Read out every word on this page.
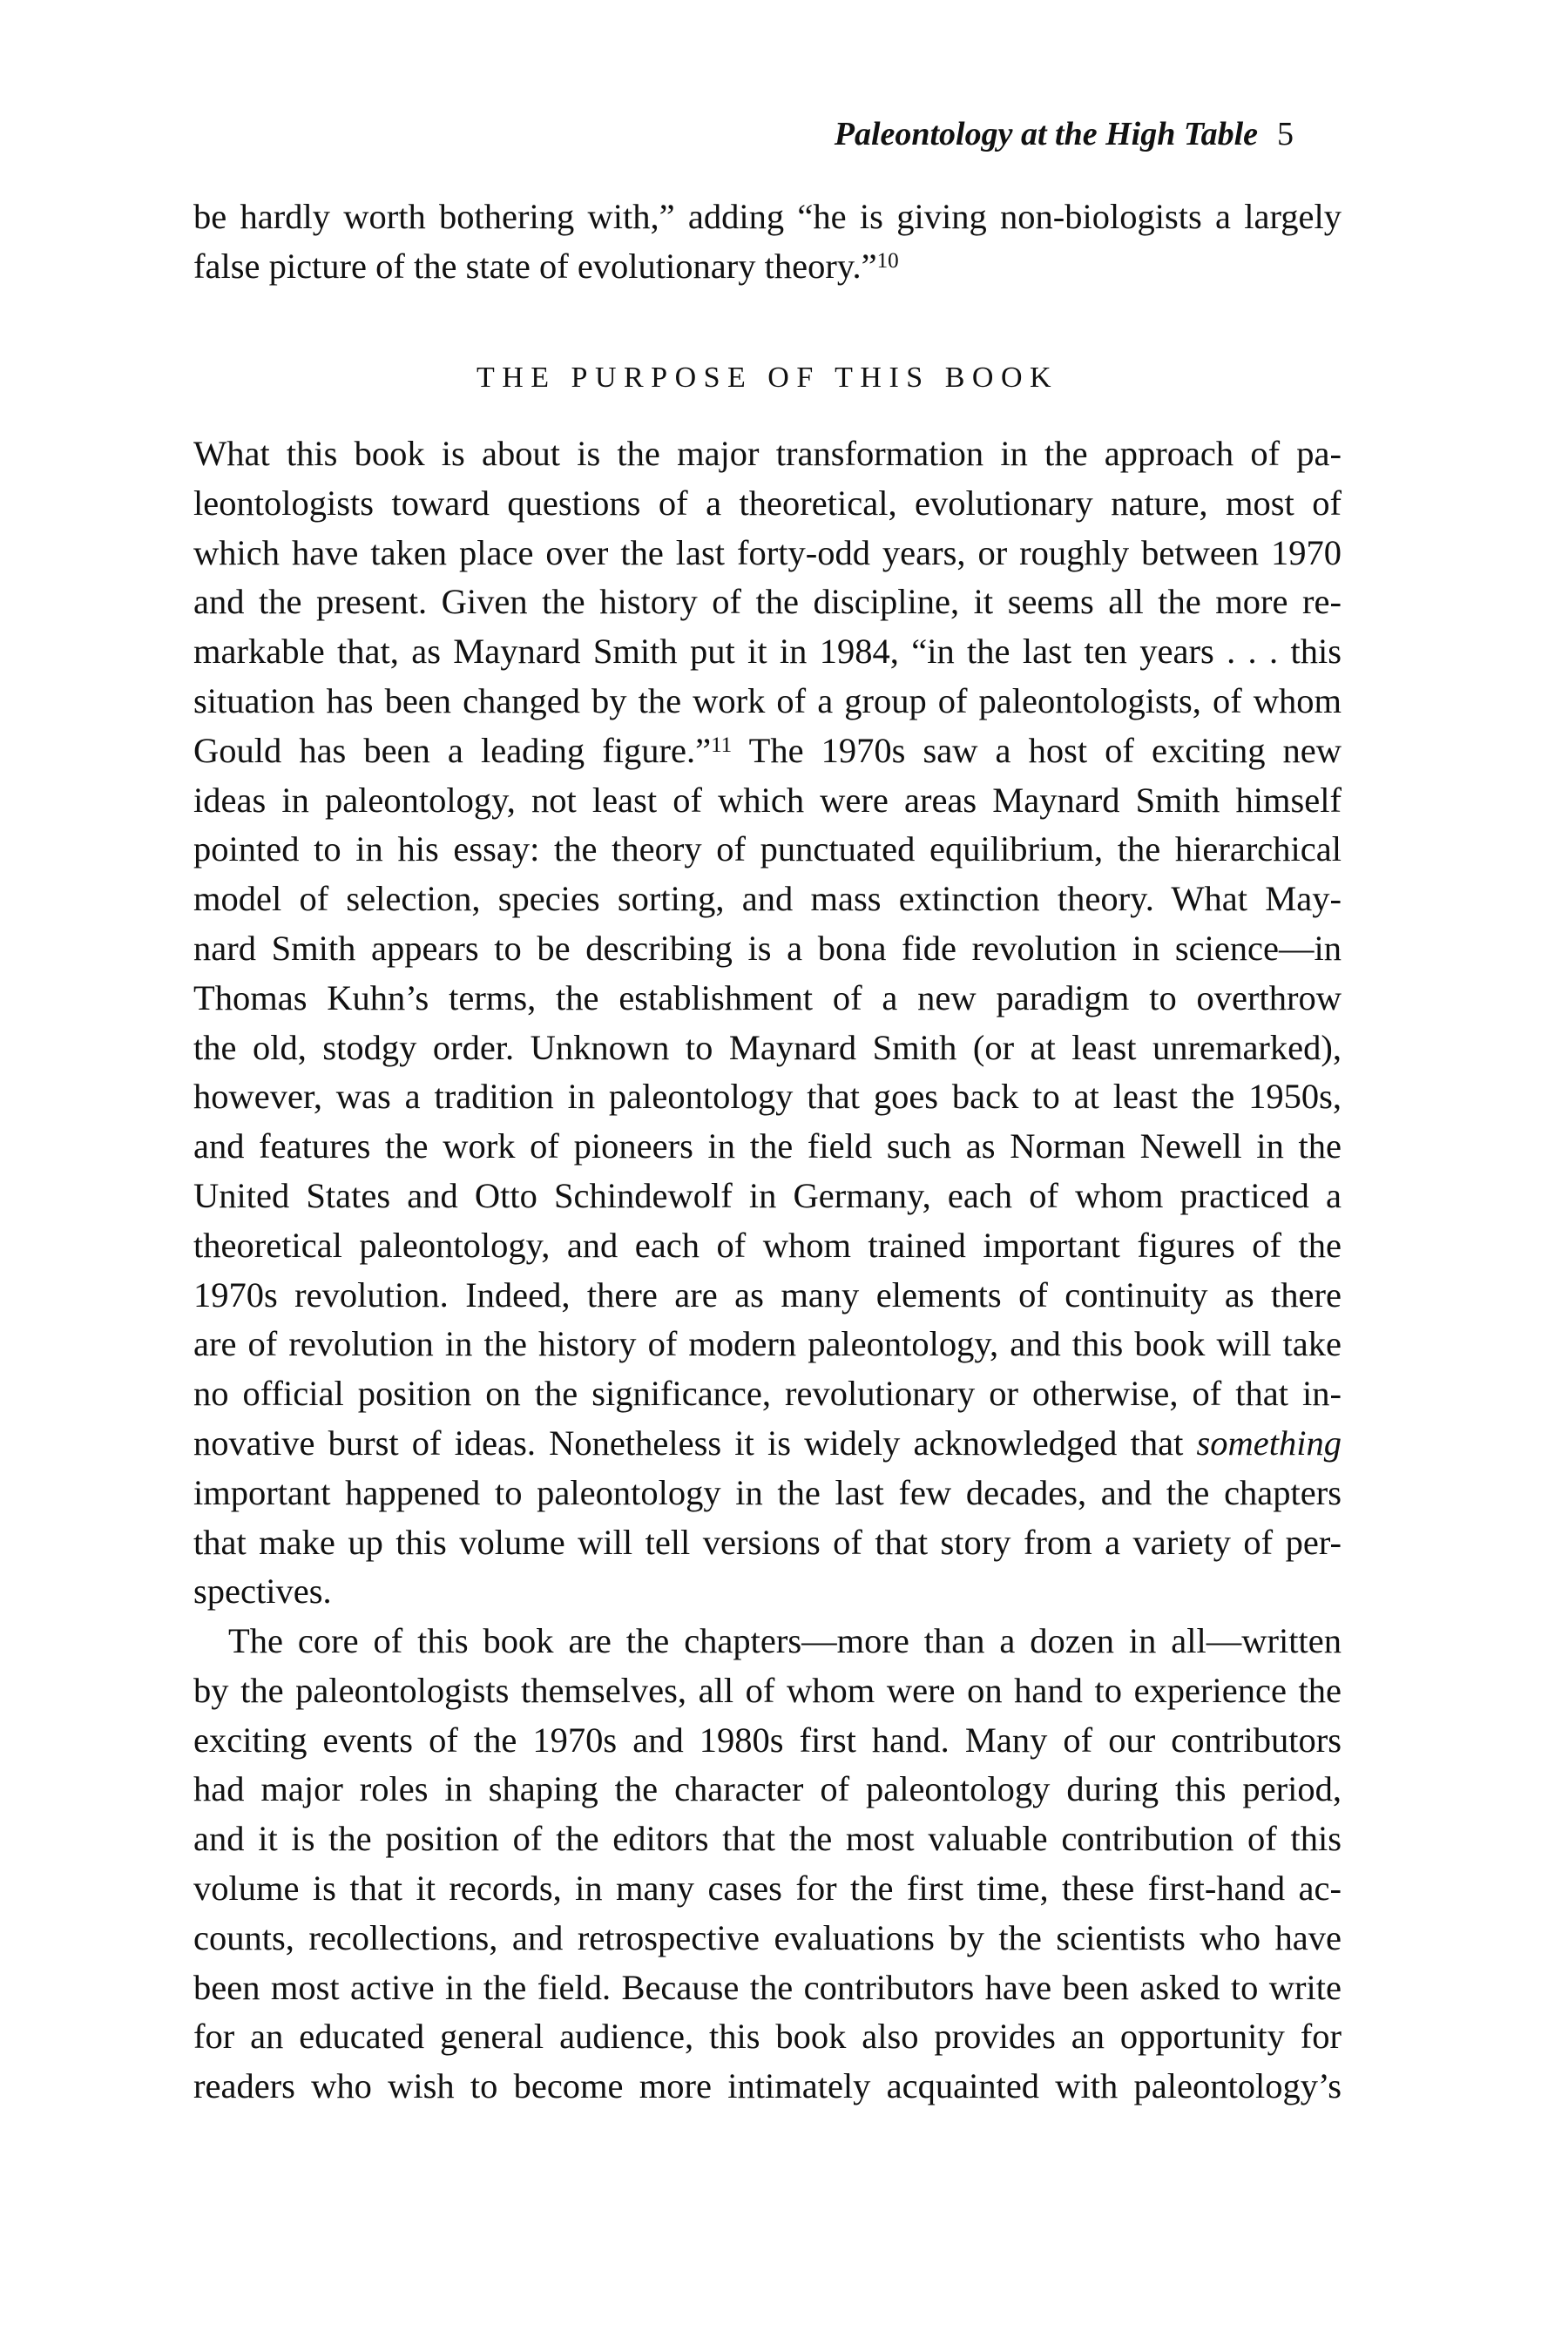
Paleontology at the High Table 5
be hardly worth bothering with,” adding “he is giving non-biologists a largely
false picture of the state of evolutionary theory.”$^{10}$
THE PURPOSE OF THIS BOOK
What this book is about is the major transformation in the approach of pa-
leontologists toward questions of a theoretical, evolutionary nature, most of
which have taken place over the last forty-odd years, or roughly between 1970
and the present. Given the history of the discipline, it seems all the more re-
markable that, as Maynard Smith put it in 1984, “in the last ten years . . . this
situation has been changed by the work of a group of paleontologists, of whom
Gould has been a leading figure.”$^{11}$ The 1970s saw a host of exciting new
ideas in paleontology, not least of which were areas Maynard Smith himself
pointed to in his essay: the theory of punctuated equilibrium, the hierarchical
model of selection, species sorting, and mass extinction theory. What May-
nard Smith appears to be describing is a bona fide revolution in science—in
Thomas Kuhn’s terms, the establishment of a new paradigm to overthrow
the old, stodgy order. Unknown to Maynard Smith (or at least unremarked),
however, was a tradition in paleontology that goes back to at least the 1950s,
and features the work of pioneers in the field such as Norman Newell in the
United States and Otto Schindewolf in Germany, each of whom practiced a
theoretical paleontology, and each of whom trained important figures of the
1970s revolution. Indeed, there are as many elements of continuity as there
are of revolution in the history of modern paleontology, and this book will take
no official position on the significance, revolutionary or otherwise, of that in-
novative burst of ideas. Nonetheless it is widely acknowledged that something
important happened to paleontology in the last few decades, and the chapters
that make up this volume will tell versions of that story from a variety of per-
spectives.
The core of this book are the chapters—more than a dozen in all—written
by the paleontologists themselves, all of whom were on hand to experience the
exciting events of the 1970s and 1980s first hand. Many of our contributors
had major roles in shaping the character of paleontology during this period,
and it is the position of the editors that the most valuable contribution of this
volume is that it records, in many cases for the first time, these first-hand ac-
counts, recollections, and retrospective evaluations by the scientists who have
been most active in the field. Because the contributors have been asked to write
for an educated general audience, this book also provides an opportunity for
readers who wish to become more intimately acquainted with paleontology’s
